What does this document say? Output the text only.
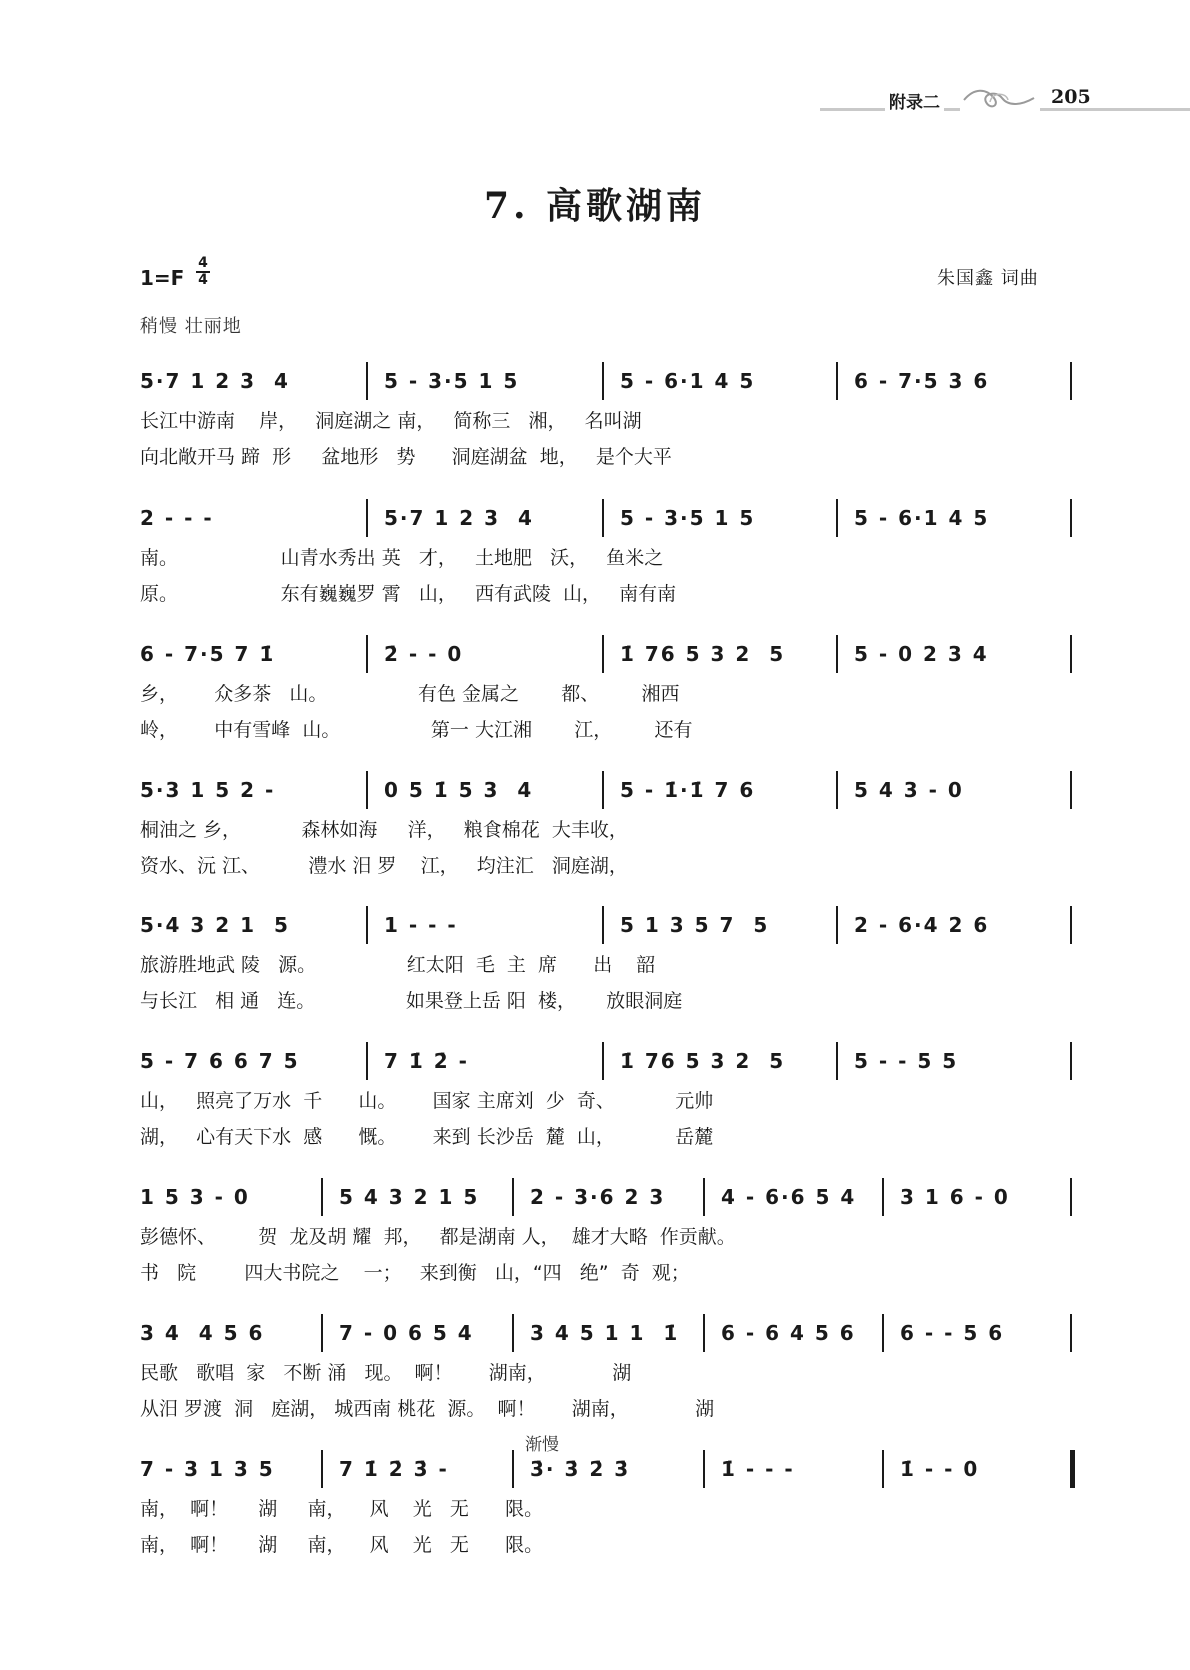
附录二	205
7. 高歌湖南
1=F
4
4	朱国鑫 词曲
稍慢 壮丽地
5·7 1 2 3  4	5 - 3·5 1 5	5 - 6·1 4 5	6 - 7·5 3 6
长江中游南    岸，   洞庭湖之 南，   简称三   湘，   名叫湖
向北敞开马 蹄  形     盆地形   势      洞庭湖盆  地，   是个大平
2 - - -	5·7 1 2 3  4	5 - 3·5 1 5	5 - 6·1 4 5
南。                 山青水秀出 英   才，   土地肥   沃，   鱼米之
原。                 东有巍巍罗 霄   山，   西有武陵  山，   南有南
6 - 7·5 7 1̇	2̇ - - 0	1̇ 76 5 3 2  5	5 - 0 2 3 4
乡，      众多茶   山。               有色 金属之       都、       湘西
岭，      中有雪峰  山。               第一 大江湘       江，       还有
5·3 1 5 2 -	0 5 1̇ 5 3  4	5 - 1̇·1̇ 7 6	5 4 3 - 0
桐油之 乡，          森林如海     洋，   粮食棉花  大丰收，
资水、沅 江、        澧水 汨 罗    江，   均注汇   洞庭湖，
5·4 3 2 1  5	1 - - -	5 1 3 5 7  5	2 - 6·4 2 6
旅游胜地武 陵   源。               红太阳  毛  主  席      出    韶
与长江   相 通   连。               如果登上岳 阳  楼，     放眼洞庭
5 - 7 6 6 7 5	7 1̇ 2̇ -	1̇ 76 5 3 2  5	5 - - 5 5
山，   照亮了万水  千      山。      国家 主席刘  少  奇、          元帅
湖，   心有天下水  感      慨。      来到 长沙岳  麓  山，          岳麓
1 5 3 - 0	5 4 3 2 1 5	2 - 3·6 2 3	4 - 6·6 5 4 3 1 6 - 0
彭德怀、       贺  龙及胡 耀  邦，   都是湖南 人，  雄才大略  作贡献。
书   院        四大书院之    一；   来到衡   山，“四   绝”  奇  观；
3 4  4 5 6	7 - 0 6 5 4	3 4 5 1 1  1̇ 6 - 6 4 5 6 6 - - 5 6
民歌   歌唱  家   不断 涌   现。  啊！      湖南，           湖
从汨 罗渡  洞   庭湖， 城西南 桃花  源。  啊！      湖南，           湖
7 - 3 1 3 5	7 1̇ 2̇ 3̇ -	3̇· 3̇ 2̇ 3̇	1̇ - - -	1̇ - - 0
南，  啊！     湖     南，    风    光   无      限。
南，  啊！     湖     南，    风    光   无      限。
渐慢
